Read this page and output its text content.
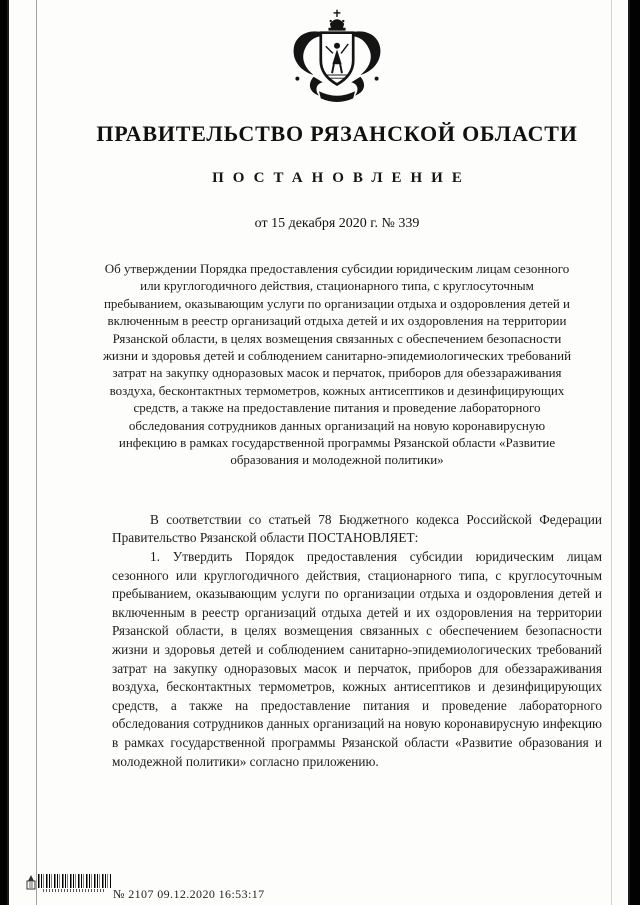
ПРАВИТЕЛЬСТВО РЯЗАНСКОЙ ОБЛАСТИ
ПОСТАНОВЛЕНИЕ
от 15 декабря 2020 г. № 339

Об утверждении Порядка предоставления субсидии юридическим лицам сезонного или круглогодичного действия, стационарного типа, с круглосуточным пребыванием, оказывающим услуги по организации отдыха и оздоровления детей и включенным в реестр организаций отдыха детей и их оздоровления на территории Рязанской области, в целях возмещения связанных с обеспечением безопасности жизни и здоровья детей и соблюдением санитарно-эпидемиологических требований затрат на закупку одноразовых масок и перчаток, приборов для обеззараживания воздуха, бесконтактных термометров, кожных антисептиков и дезинфицирующих средств, а также на предоставление питания и проведение лабораторного обследования сотрудников данных организаций на новую коронавирусную инфекцию в рамках государственной программы Рязанской области «Развитие образования и молодежной политики»

В соответствии со статьей 78 Бюджетного кодекса Российской Федерации Правительство Рязанской области ПОСТАНОВЛЯЕТ:

1. Утвердить Порядок предоставления субсидии юридическим лицам сезонного или круглогодичного действия, стационарного типа, с круглосуточным пребыванием, оказывающим услуги по организации отдыха и оздоровления детей и включенным в реестр организаций отдыха детей и их оздоровления на территории Рязанской области, в целях возмещения связанных с обеспечением безопасности жизни и здоровья детей и соблюдением санитарно-эпидемиологических требований затрат на закупку одноразовых масок и перчаток, приборов для обеззараживания воздуха, бесконтактных термометров, кожных антисептиков и дезинфицирующих средств, а также на предоставление питания и проведение лабораторного обследования сотрудников данных организаций на новую коронавирусную инфекцию в рамках государственной программы Рязанской области «Развитие образования и молодежной политики» согласно приложению.

№ 2107 09.12.2020 16:53:17
